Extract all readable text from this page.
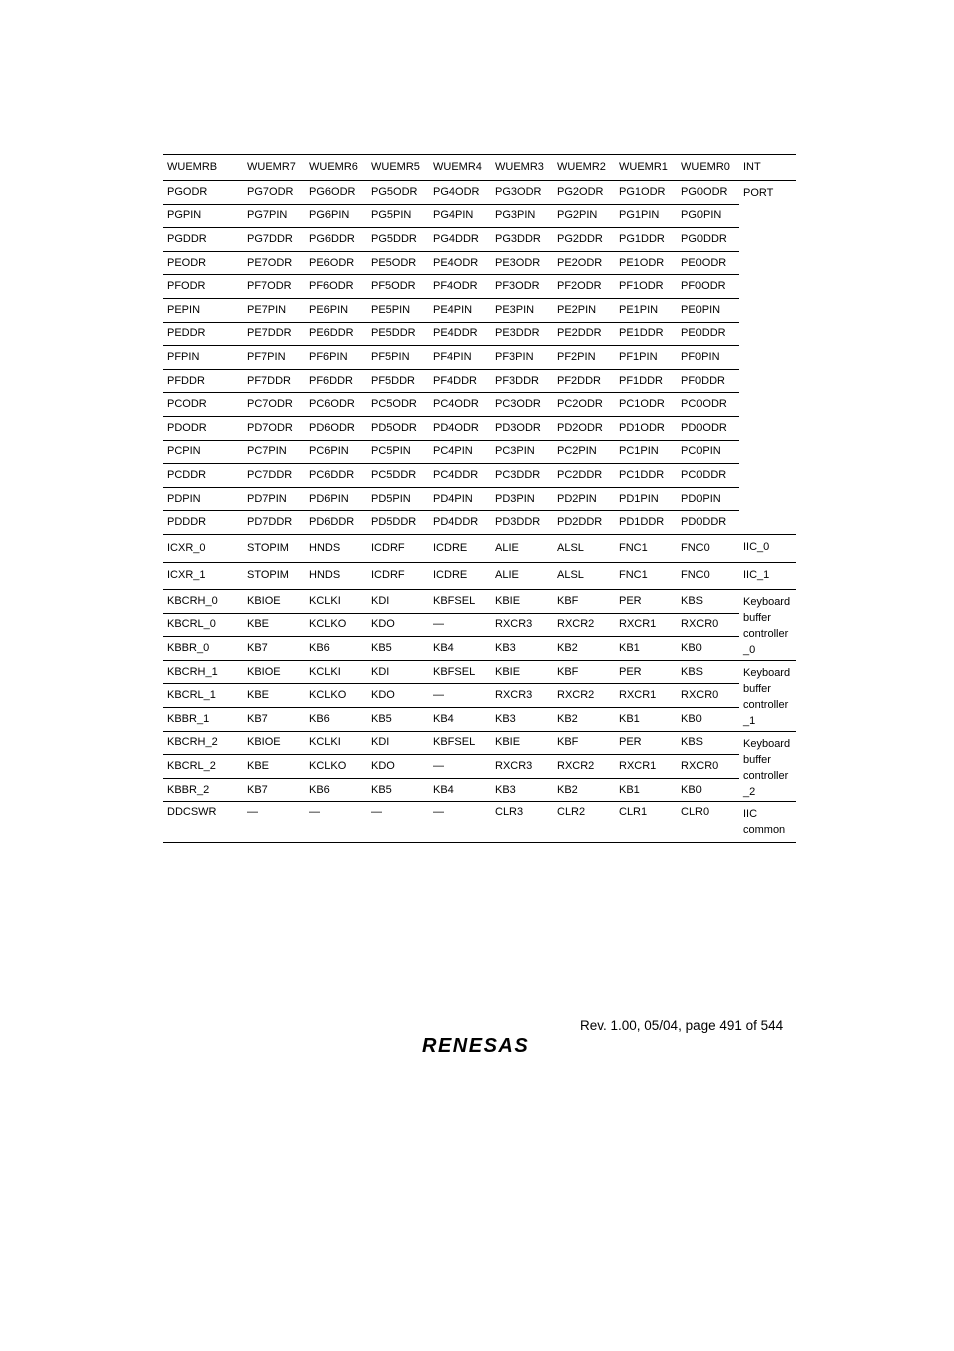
WUEMRB	WUEMR7	WUEMR6	WUEMR5	WUEMR4	WUEMR3	WUEMR2	WUEMR1	WUEMR0	INT
PGODR	PG7ODR	PG6ODR	PG5ODR	PG4ODR	PG3ODR	PG2ODR	PG1ODR	PG0ODR	PORT
PGPIN	PG7PIN	PG6PIN	PG5PIN	PG4PIN	PG3PIN	PG2PIN	PG1PIN	PG0PIN	
PGDDR	PG7DDR	PG6DDR	PG5DDR	PG4DDR	PG3DDR	PG2DDR	PG1DDR	PG0DDR	
PEODR	PE7ODR	PE6ODR	PE5ODR	PE4ODR	PE3ODR	PE2ODR	PE1ODR	PE0ODR	
PFODR	PF7ODR	PF6ODR	PF5ODR	PF4ODR	PF3ODR	PF2ODR	PF1ODR	PF0ODR	
PEPIN	PE7PIN	PE6PIN	PE5PIN	PE4PIN	PE3PIN	PE2PIN	PE1PIN	PE0PIN	
PEDDR	PE7DDR	PE6DDR	PE5DDR	PE4DDR	PE3DDR	PE2DDR	PE1DDR	PE0DDR	
PFPIN	PF7PIN	PF6PIN	PF5PIN	PF4PIN	PF3PIN	PF2PIN	PF1PIN	PF0PIN	
PFDDR	PF7DDR	PF6DDR	PF5DDR	PF4DDR	PF3DDR	PF2DDR	PF1DDR	PF0DDR	
PCODR	PC7ODR	PC6ODR	PC5ODR	PC4ODR	PC3ODR	PC2ODR	PC1ODR	PC0ODR	
PDODR	PD7ODR	PD6ODR	PD5ODR	PD4ODR	PD3ODR	PD2ODR	PD1ODR	PD0ODR	
PCPIN	PC7PIN	PC6PIN	PC5PIN	PC4PIN	PC3PIN	PC2PIN	PC1PIN	PC0PIN	
PCDDR	PC7DDR	PC6DDR	PC5DDR	PC4DDR	PC3DDR	PC2DDR	PC1DDR	PC0DDR	
PDPIN	PD7PIN	PD6PIN	PD5PIN	PD4PIN	PD3PIN	PD2PIN	PD1PIN	PD0PIN	
PDDDR	PD7DDR	PD6DDR	PD5DDR	PD4DDR	PD3DDR	PD2DDR	PD1DDR	PD0DDR	
ICXR_0	STOPIM	HNDS	ICDRF	ICDRE	ALIE	ALSL	FNC1	FNC0	IIC_0
ICXR_1	STOPIM	HNDS	ICDRF	ICDRE	ALIE	ALSL	FNC1	FNC0	IIC_1
KBCRH_0	KBIOE	KCLKI	KDI	KBFSEL	KBIE	KBF	PER	KBS	Keyboard buffer controller _0
KBCRL_0	KBE	KCLKO	KDO	—	RXCR3	RXCR2	RXCR1	RXCR0	
KBBR_0	KB7	KB6	KB5	KB4	KB3	KB2	KB1	KB0	
KBCRH_1	KBIOE	KCLKI	KDI	KBFSEL	KBIE	KBF	PER	KBS	Keyboard buffer controller _1
KBCRL_1	KBE	KCLKO	KDO	—	RXCR3	RXCR2	RXCR1	RXCR0	
KBBR_1	KB7	KB6	KB5	KB4	KB3	KB2	KB1	KB0	
KBCRH_2	KBIOE	KCLKI	KDI	KBFSEL	KBIE	KBF	PER	KBS	Keyboard buffer controller _2
KBCRL_2	KBE	KCLKO	KDO	—	RXCR3	RXCR2	RXCR1	RXCR0	
KBBR_2	KB7	KB6	KB5	KB4	KB3	KB2	KB1	KB0	
DDCSWR	—	—	—	—	CLR3	CLR2	CLR1	CLR0	IIC common
Rev. 1.00, 05/04, page 491 of 544
RENESAS
